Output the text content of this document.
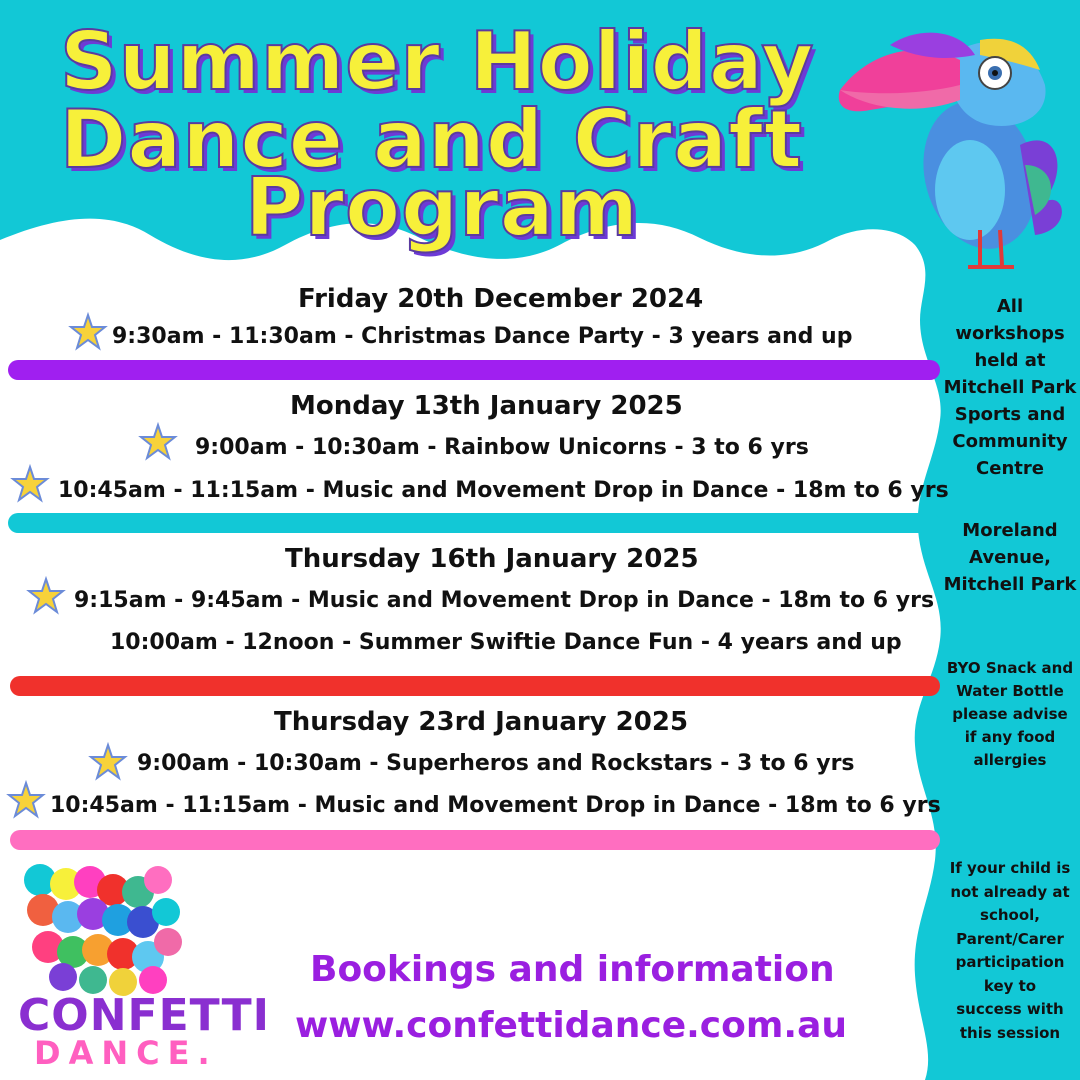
Summer Holiday
Dance and Craft
Program
Friday 20th December 2024
9:30am - 11:30am - Christmas Dance Party - 3 years and up
Monday 13th January 2025
9:00am - 10:30am - Rainbow Unicorns - 3 to 6 yrs
10:45am - 11:15am - Music and Movement Drop in Dance - 18m to 6 yrs
Thursday 16th January 2025
9:15am - 9:45am - Music and Movement Drop in Dance - 18m to 6 yrs
10:00am - 12noon - Summer Swiftie Dance Fun - 4 years and up
Thursday 23rd January 2025
9:00am - 10:30am - Superheros and Rockstars - 3 to 6 yrs
10:45am - 11:15am - Music and Movement Drop in Dance - 18m to 6 yrs
All
workshops
held at
Mitchell Park
Sports and
Community
Centre
Moreland
Avenue,
Mitchell Park
BYO Snack and
Water Bottle
please advise
if any food
allergies
If your child is
not already at
school,
Parent/Carer
participation
key to
success with
this session
Bookings and information
www.confettidance.com.au
CONFETTI
DANCE.
